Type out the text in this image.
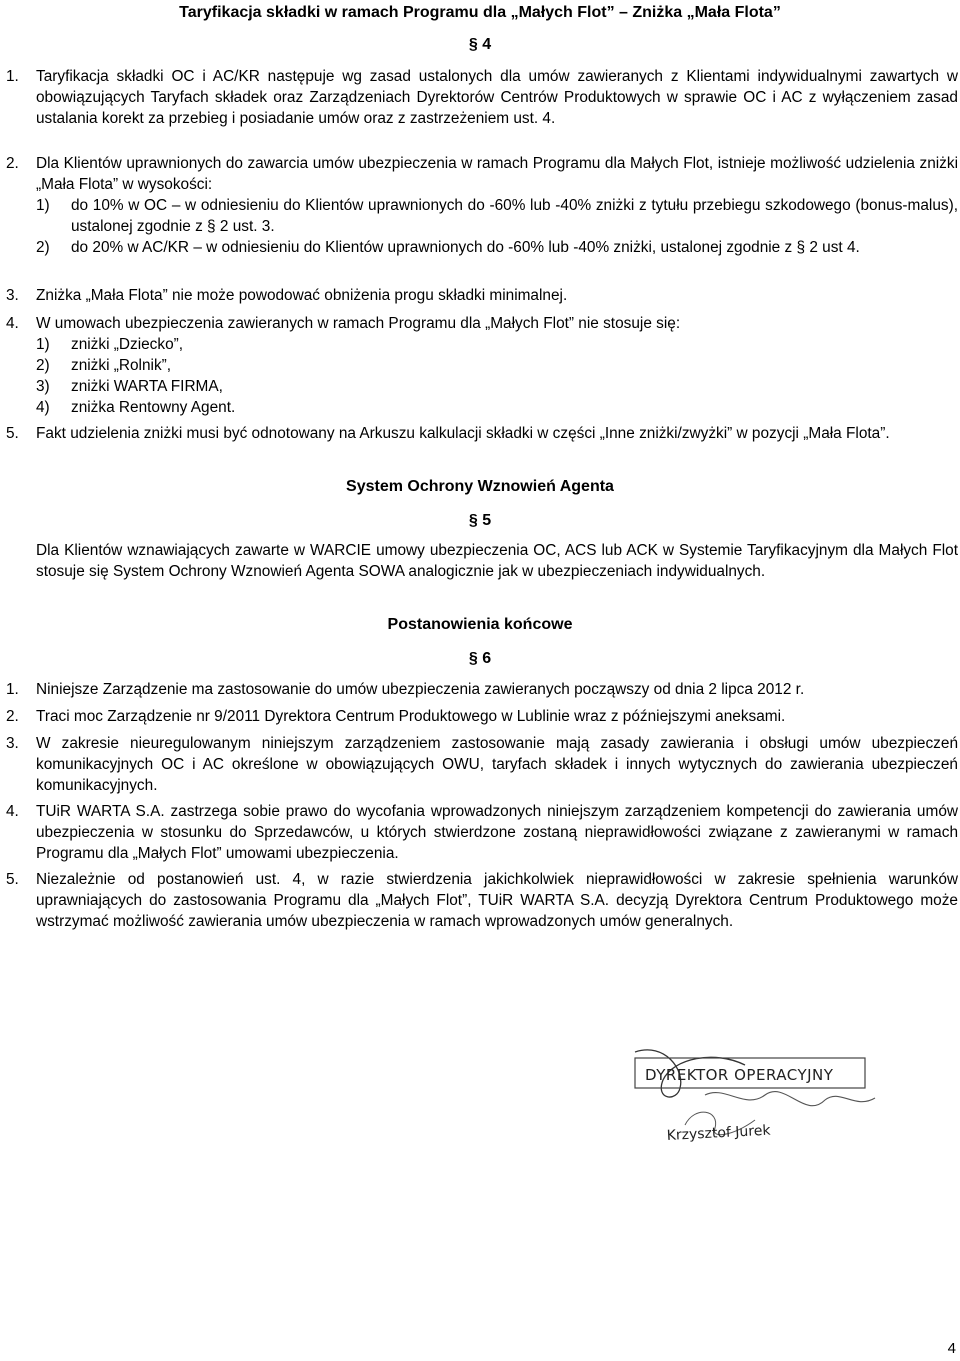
Taryfikacja składki w ramach Programu dla „Małych Flot” – Zniżka „Mała Flota”
§ 4
1. Taryfikacja składki OC i AC/KR następuje wg zasad ustalonych dla umów zawieranych z Klientami indywidualnymi zawartych w obowiązujących Taryfach składek oraz Zarządzeniach Dyrektorów Centrów Produktowych w sprawie OC i AC z wyłączeniem zasad ustalania korekt za przebieg i posiadanie umów oraz z zastrzeżeniem ust. 4.
2. Dla Klientów uprawnionych do zawarcia umów ubezpieczenia w ramach Programu dla Małych Flot, istnieje możliwość udzielenia zniżki „Mała Flota” w wysokości:
1) do 10% w OC – w odniesieniu do Klientów uprawnionych do -60% lub -40% zniżki z tytułu przebiegu szkodowego (bonus-malus), ustalonej zgodnie z § 2 ust. 3.
2) do 20% w AC/KR – w odniesieniu do Klientów uprawnionych do -60% lub -40% zniżki, ustalonej zgodnie z § 2 ust 4.
3. Zniżka „Mała Flota” nie może powodować obniżenia progu składki minimalnej.
4. W umowach ubezpieczenia zawieranych w ramach Programu dla „Małych Flot” nie stosuje się:
1) zniżki „Dziecko”,
2) zniżki „Rolnik”,
3) zniżki WARTA FIRMA,
4) zniżka Rentowny Agent.
5. Fakt udzielenia zniżki musi być odnotowany na Arkuszu kalkulacji składki w części „Inne zniżki/zwyżki” w pozycji „Mała Flota”.
System Ochrony Wznowień Agenta
§ 5
Dla Klientów wznawiających zawarte w WARCIE umowy ubezpieczenia OC, ACS lub ACK w Systemie Taryfikacyjnym dla Małych Flot stosuje się System Ochrony Wznowień Agenta SOWA analogicznie jak w ubezpieczeniach indywidualnych.
Postanowienia końcowe
§ 6
1. Niniejsze Zarządzenie ma zastosowanie do umów ubezpieczenia zawieranych począwszy od dnia 2 lipca 2012 r.
2. Traci moc Zarządzenie nr 9/2011 Dyrektora Centrum Produktowego w Lublinie wraz z późniejszymi aneksami.
3. W zakresie nieuregulowanym niniejszym zarządzeniem zastosowanie mają zasady zawierania i obsługi umów ubezpieczeń komunikacyjnych OC i AC określone w obowiązujących OWU, taryfach składek i innych wytycznych do zawierania ubezpieczeń komunikacyjnych.
4. TUiR WARTA S.A. zastrzega sobie prawo do wycofania wprowadzonych niniejszym zarządzeniem kompetencji do zawierania umów ubezpieczenia w stosunku do Sprzedawców, u których stwierdzone zostaną nieprawidłowości związane z zawieranymi w ramach Programu dla „Małych Flot” umowami ubezpieczenia.
5. Niezależnie od postanowień ust. 4, w razie stwierdzenia jakichkolwiek nieprawidłowości w zakresie spełnienia warunków uprawniających do zastosowania Programu dla „Małych Flot”, TUiR WARTA S.A. decyzją Dyrektora Centrum Produktowego może wstrzymać możliwość zawierania umów ubezpieczenia w ramach wprowadzonych umów generalnych.
DYREKTOR OPERACYJNY
Krzysztof Jurek
4
